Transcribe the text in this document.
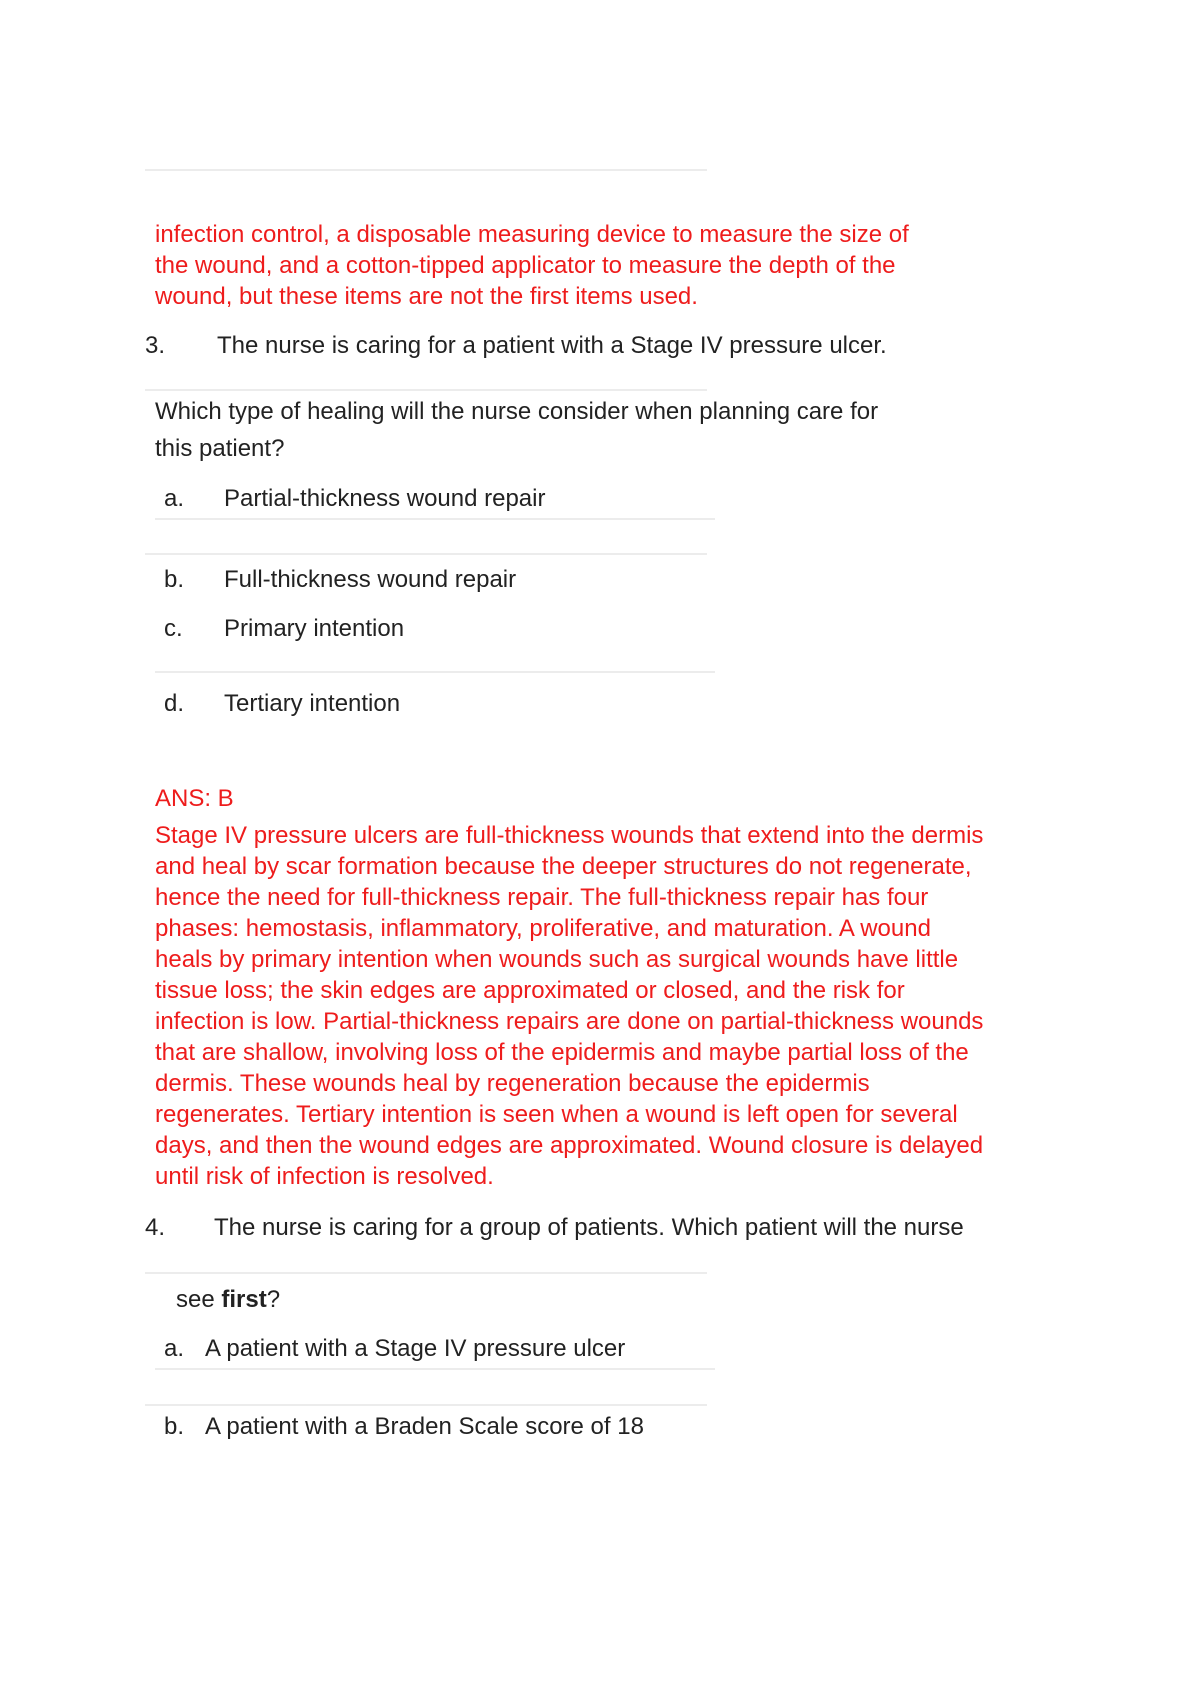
infection control, a disposable measuring device to measure the size of

the wound, and a cotton-tipped applicator to measure the depth of the

wound, but these items are not the first items used.

3. The nurse is caring for a patient with a Stage IV pressure ulcer.
Which type of healing will the nurse consider when planning care for
this patient?
a. Partial-thickness wound repair
b. Full-thickness wound repair
c. Primary intention
d. Tertiary intention
ANS: B

Stage IV pressure ulcers are full-thickness wounds that extend into the dermis

and heal by scar formation because the deeper structures do not regenerate,

hence the need for full-thickness repair. The full-thickness repair has four

phases: hemostasis, inflammatory, proliferative, and maturation. A wound

heals by primary intention when wounds such as surgical wounds have little

tissue loss; the skin edges are approximated or closed, and the risk for

infection is low. Partial-thickness repairs are done on partial-thickness wounds

that are shallow, involving loss of the epidermis and maybe partial loss of the

dermis. These wounds heal by regeneration because the epidermis

regenerates. Tertiary intention is seen when a wound is left open for several

days, and then the wound edges are approximated. Wound closure is delayed

until risk of infection is resolved.

4. The nurse is caring for a group of patients. Which patient will the nurse
see first?
a. A patient with a Stage IV pressure ulcer
b. A patient with a Braden Scale score of 18
